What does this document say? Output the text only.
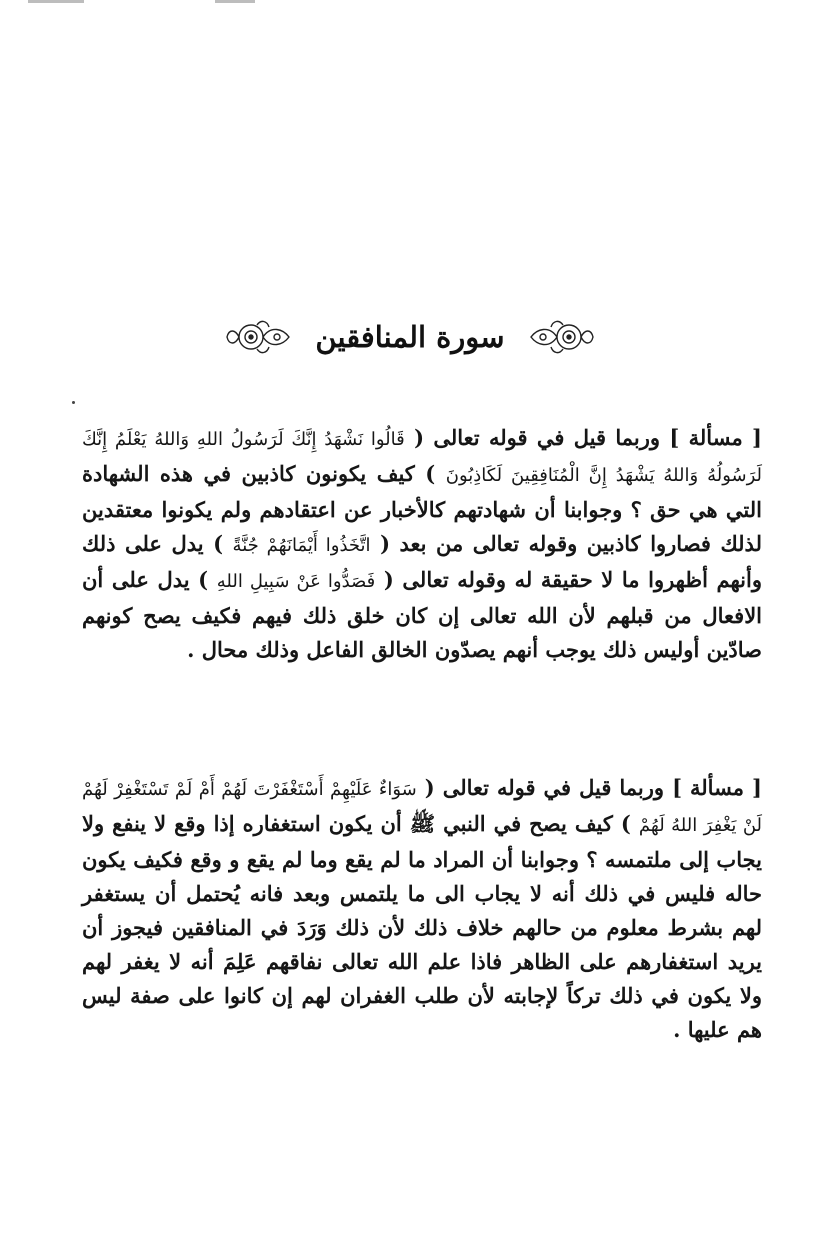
سورة المنافقين

[ مسألة ] وربما قيل في قوله تعالى ( قَالُوا نَشْهَدُ إِنَّكَ لَرَسُولُ اللهِ وَاللهُ يَعْلَمُ إِنَّكَ لَرَسُولُهُ وَاللهُ يَشْهَدُ إِنَّ الْمُنَافِقِينَ لَكَاذِبُونَ ) كيف يكونون كاذبين في هذه الشهادة التي هي حق ؟ وجوابنا أن شهادتهم كالأخبار عن اعتقادهم ولم يكونوا معتقدين لذلك فصاروا كاذبين وقوله تعالى من بعد ( اتَّخَذُوا أَيْمَانَهُمْ جُنَّةً ) يدل على ذلك وأنهم أظهروا ما لا حقيقة له وقوله تعالى ( فَصَدُّوا عَنْ سَبِيلِ اللهِ ) يدل على أن الافعال من قبلهم لأن الله تعالى إن كان خلق ذلك فيهم فكيف يصح كونهم صادّين أوليس ذلك يوجب أنهم يصدّون الخالق الفاعل وذلك محال .

[ مسألة ] وربما قيل في قوله تعالى ( سَوَاءٌ عَلَيْهِمْ أَسْتَغْفَرْتَ لَهُمْ أَمْ لَمْ تَسْتَغْفِرْ لَهُمْ لَنْ يَغْفِرَ اللهُ لَهُمْ ) كيف يصح في النبي ﷺ أن يكون استغفاره إذا وقع لا ينفع ولا يجاب إلى ملتمسه ؟ وجوابنا أن المراد ما لم يقع وما لم يقع و وقع فكيف يكون حاله فليس في ذلك أنه لا يجاب الى ما يلتمس وبعد فانه يُحتمل أن يستغفر لهم بشرط معلوم من حالهم خلاف ذلك لأن ذلك وَرَدَ في المنافقين فيجوز أن يريد استغفارهم على الظاهر فاذا علم الله تعالى نفاقهم عَلِمَ أنه لا يغفر لهم ولا يكون في ذلك تركاً لإجابته لأن طلب الغفران لهم إن كانوا على صفة ليس هم عليها .
